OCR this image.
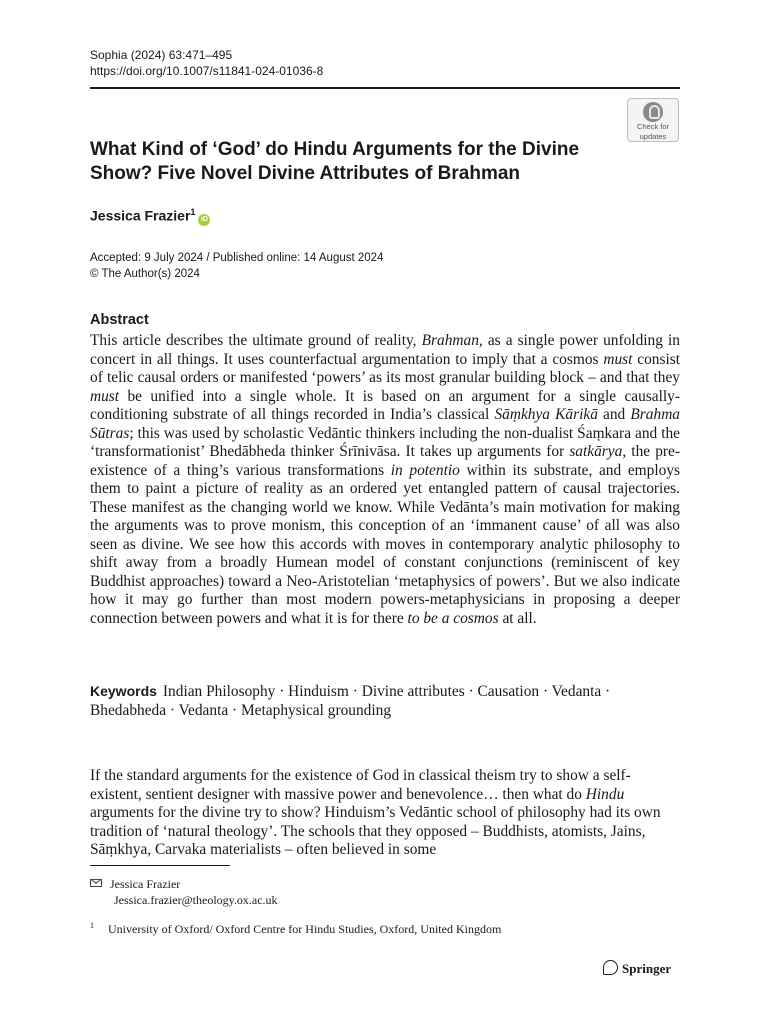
Sophia (2024) 63:471–495
https://doi.org/10.1007/s11841-024-01036-8
Check for
updates
What Kind of ‘God’ do Hindu Arguments for the Divine Show? Five Novel Divine Attributes of Brahman
Jessica Frazier$^1$iD
Accepted: 9 July 2024 / Published online: 14 August 2024
© The Author(s) 2024
Abstract
This article describes the ultimate ground of reality, Brahman, as a single power unfolding in concert in all things. It uses counterfactual argumentation to imply that a cosmos must consist of telic causal orders or manifested ‘powers’ as its most granular building block – and that they must be unified into a single whole. It is based on an argument for a single causally-conditioning substrate of all things recorded in India’s classical Sāṃkhya Kārikā and Brahma Sūtras; this was used by scholastic Vedāntic thinkers including the non-dualist Śaṃkara and the ‘transformationist’ Bhedābheda thinker Śrīnivāsa. It takes up arguments for satkārya, the pre-existence of a thing’s various transformations in potentio within its substrate, and employs them to paint a picture of reality as an ordered yet entangled pattern of causal trajectories. These manifest as the changing world we know. While Vedānta’s main motivation for making the arguments was to prove monism, this conception of an ‘immanent cause’ of all was also seen as divine. We see how this accords with moves in contemporary analytic philosophy to shift away from a broadly Humean model of constant conjunctions (reminiscent of key Buddhist approaches) toward a Neo-Aristotelian ‘metaphysics of powers’. But we also indicate how it may go further than most modern powers-metaphysicians in proposing a deeper connection between powers and what it is for there to be a cosmos at all.
Keywords Indian Philosophy · Hinduism · Divine attributes · Causation · Vedanta · Bhedabheda · Vedanta · Metaphysical grounding
If the standard arguments for the existence of God in classical theism try to show a self-existent, sentient designer with massive power and benevolence… then what do Hindu arguments for the divine try to show? Hinduism’s Vedāntic school of philosophy had its own tradition of ‘natural theology’. The schools that they opposed – Buddhists, atomists, Jains, Sāṃkhya, Carvaka materialists – often believed in some
Jessica Frazier
Jessica.frazier@theology.ox.ac.uk
$^1$ University of Oxford/ Oxford Centre for Hindu Studies, Oxford, United Kingdom
Springer
